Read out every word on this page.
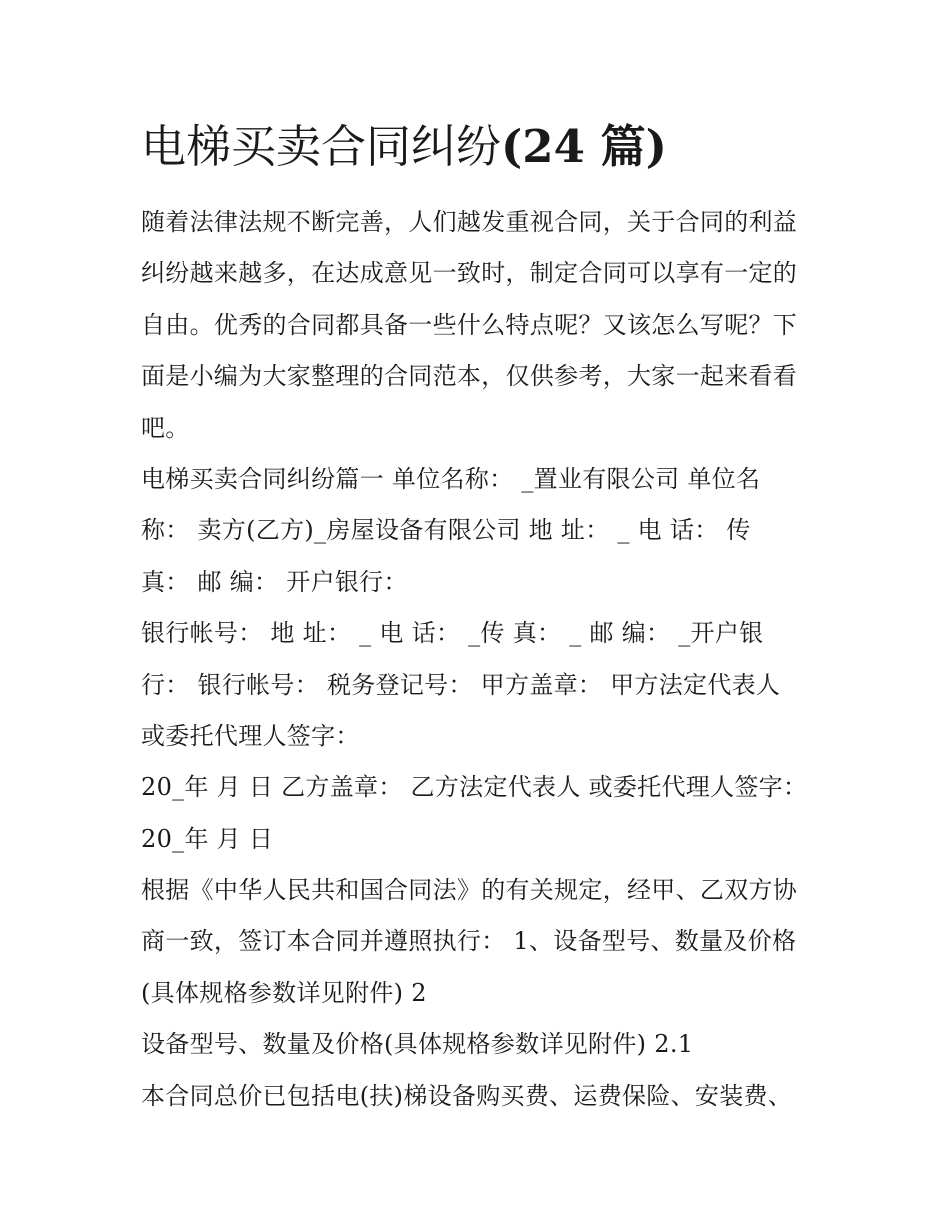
电梯买卖合同纠纷(24 篇)
随着法律法规不断完善，人们越发重视合同，关于合同的利益
纠纷越来越多，在达成意见一致时，制定合同可以享有一定的
自由。优秀的合同都具备一些什么特点呢？又该怎么写呢？下
面是小编为大家整理的合同范本，仅供参考，大家一起来看看
吧。
电梯买卖合同纠纷篇一 单位名称： _置业有限公司 单位名
称： 卖方(乙方)_房屋设备有限公司 地 址： _ 电 话： 传
真： 邮 编： 开户银行：
银行帐号： 地 址： _ 电 话： _传 真： _ 邮 编： _开户银
行： 银行帐号： 税务登记号： 甲方盖章： 甲方法定代表人
或委托代理人签字：
20_年 月 日 乙方盖章： 乙方法定代表人 或委托代理人签字：
20_年 月 日
根据《中华人民共和国合同法》的有关规定，经甲、乙双方协
商一致，签订本合同并遵照执行： 1、设备型号、数量及价格
(具体规格参数详见附件) 2
设备型号、数量及价格(具体规格参数详见附件) 2.1
本合同总价已包括电(扶)梯设备购买费、运费保险、安装费、
